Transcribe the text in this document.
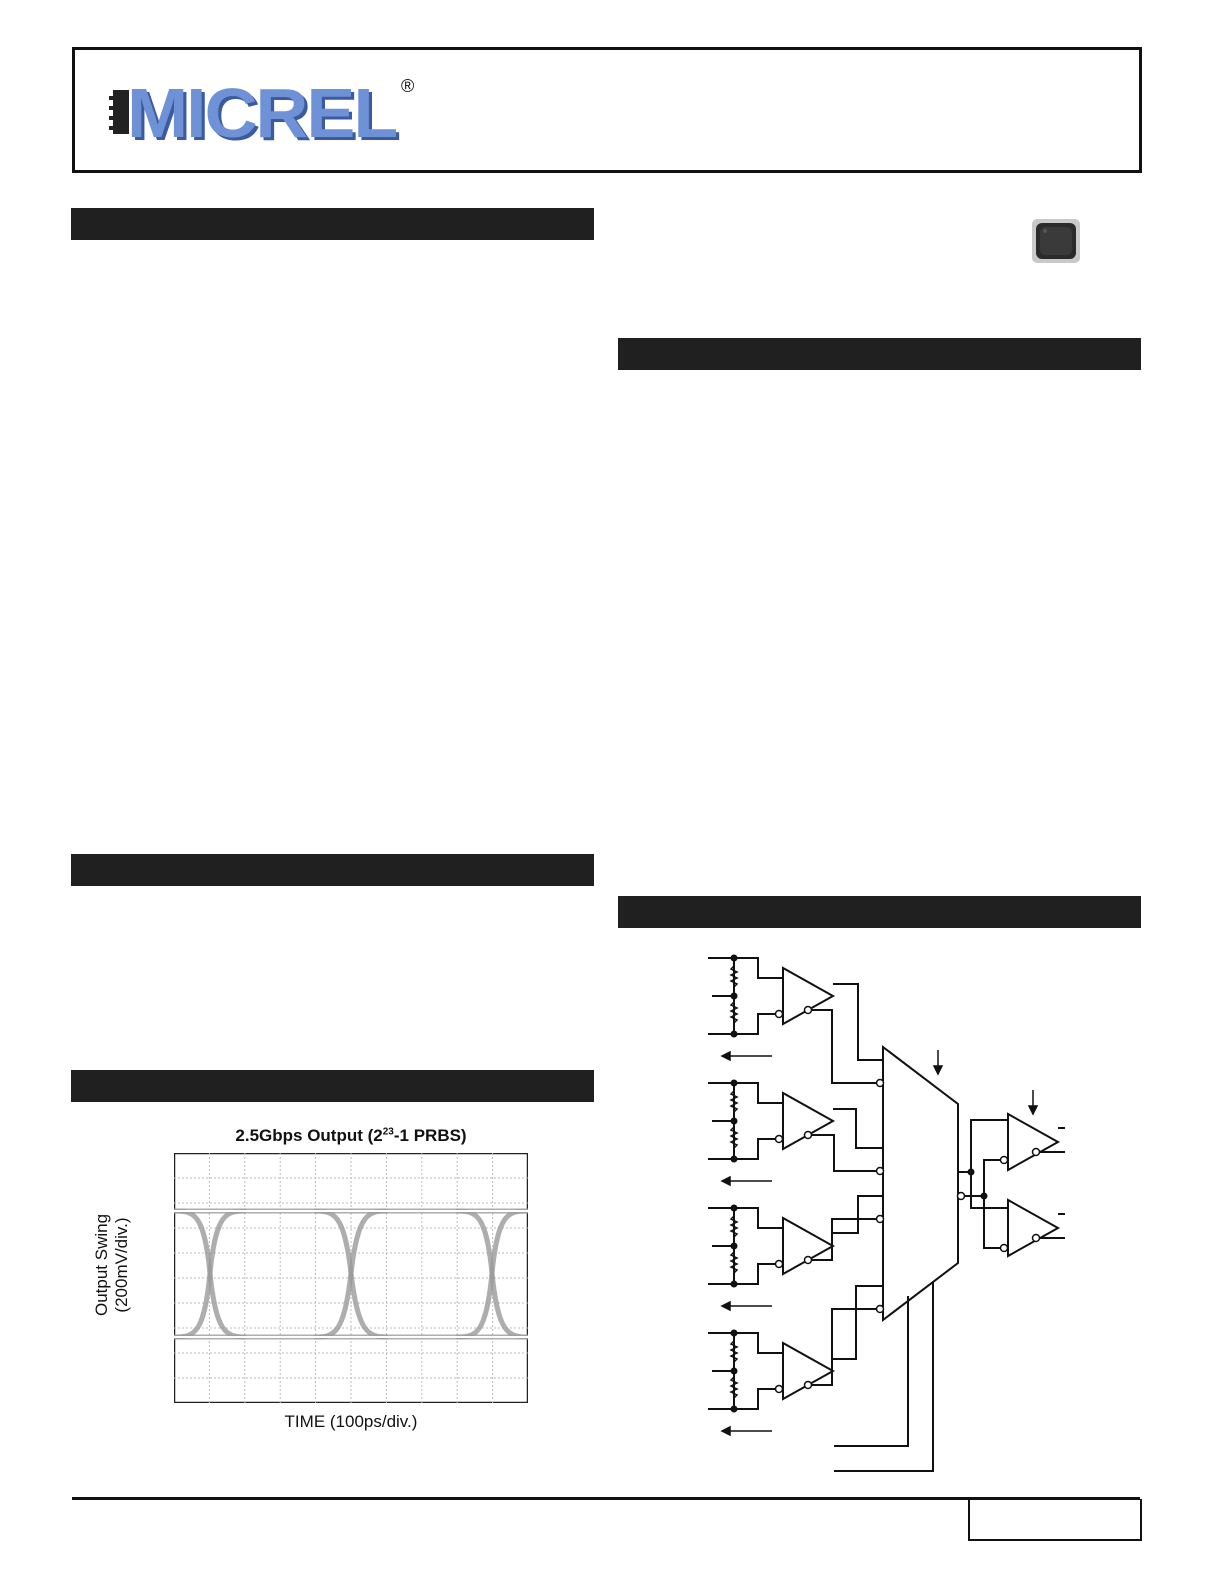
MICREL ®
2.5Gbps Output ($2^{23}-1$ PRBS)
Output Swing (200mV/div.)
TIME (100ps/div.)
